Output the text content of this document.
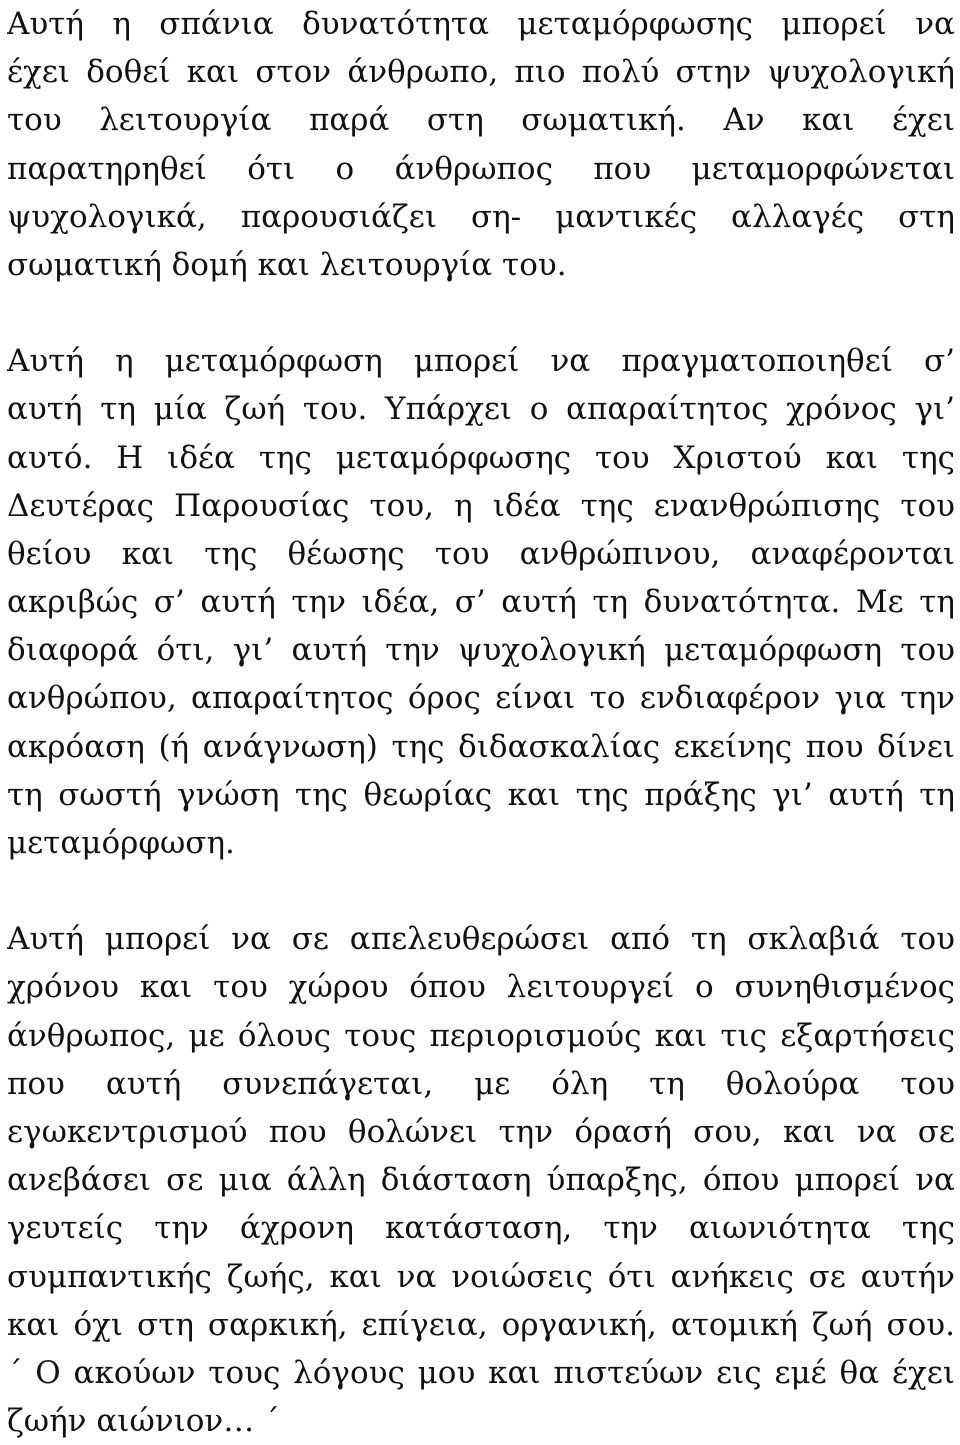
Αυτή η σπάνια δυνατότητα μεταμόρφωσης μπορεί να
έχει δοθεί και στον άνθρωπο, πιο πολύ στην ψυχολογική
του λειτουργία παρά στη σωματική. Αν και έχει
παρατηρηθεί ότι ο άνθρωπος που μεταμορφώνεται
ψυχολογικά, παρουσιάζει ση- μαντικές αλλαγές στη
σωματική δομή και λειτουργία του.
Αυτή η μεταμόρφωση μπορεί να πραγματοποιηθεί σ’
αυτή τη μία ζωή του. Υπάρχει ο απαραίτητος χρόνος γι’
αυτό. Η ιδέα της μεταμόρφωσης του Χριστού και της
Δευτέρας Παρουσίας του, η ιδέα της ενανθρώπισης του
θείου και της θέωσης του ανθρώπινου, αναφέρονται
ακριβώς σ’ αυτή την ιδέα, σ’ αυτή τη δυνατότητα. Με τη
διαφορά ότι, γι’ αυτή την ψυχολογική μεταμόρφωση του
ανθρώπου, απαραίτητος όρος είναι το ενδιαφέρον για την
ακρόαση (ή ανάγνωση) της διδασκαλίας εκείνης που δίνει
τη σωστή γνώση της θεωρίας και της πράξης γι’ αυτή τη
μεταμόρφωση.
Αυτή μπορεί να σε απελευθερώσει από τη σκλαβιά του
χρόνου και του χώρου όπου λειτουργεί ο συνηθισμένος
άνθρωπος, με όλους τους περιορισμούς και τις εξαρτήσεις
που αυτή συνεπάγεται, με όλη τη θολούρα του
εγωκεντρισμού που θολώνει την όρασή σου, και να σε
ανεβάσει σε μια άλλη διάσταση ύπαρξης, όπου μπορεί να
γευτείς την άχρονη κατάσταση, την αιωνιότητα της
συμπαντικής ζωής, και να νοιώσεις ότι ανήκεις σε αυτήν
και όχι στη σαρκική, επίγεια, οργανική, ατομική ζωή σου.
΄ Ο ακούων τους λόγους μου και πιστεύων εις εμέ θα έχει
ζωήν αιώνιον… ΄
